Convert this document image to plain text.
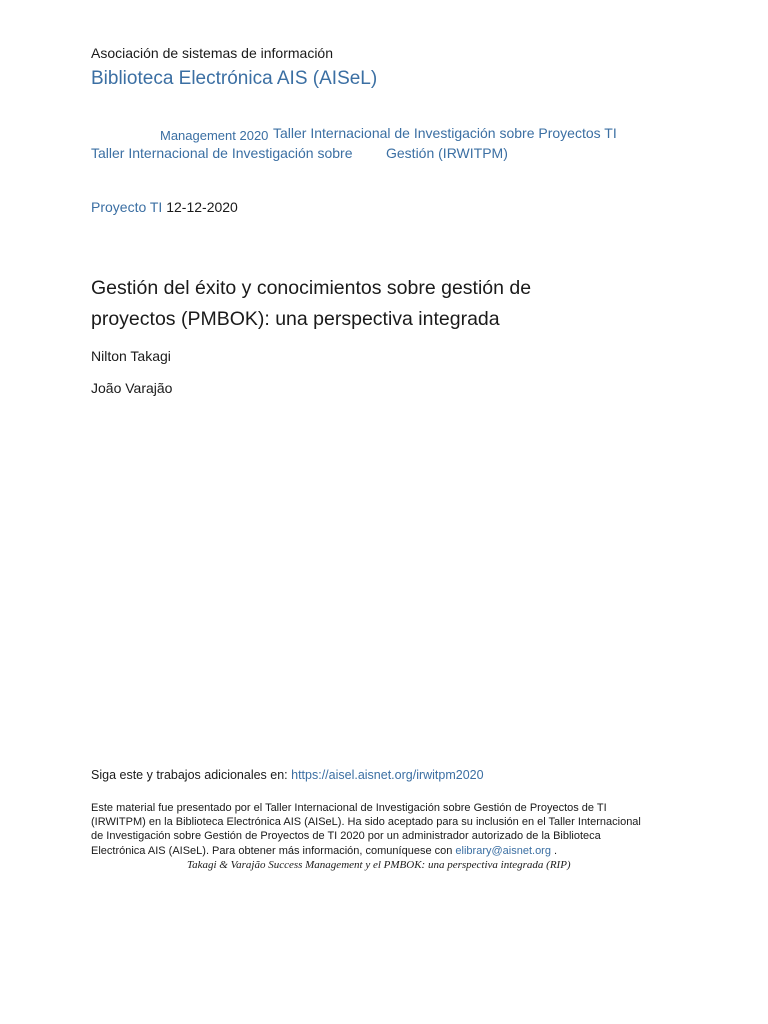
Asociación de sistemas de información
Biblioteca Electrónica AIS (AISeL)
Management 2020 Taller Internacional de Investigación sobre Proyectos TI
Taller Internacional de Investigación sobre Gestión (IRWITPM)
Proyecto TI 12-12-2020
Gestión del éxito y conocimientos sobre gestión de proyectos (PMBOK): una perspectiva integrada
Nilton Takagi
João Varajão
Siga este y trabajos adicionales en: https://aisel.aisnet.org/irwitpm2020
Este material fue presentado por el Taller Internacional de Investigación sobre Gestión de Proyectos de TI (IRWITPM) en la Biblioteca Electrónica AIS (AISeL). Ha sido aceptado para su inclusión en el Taller Internacional de Investigación sobre Gestión de Proyectos de TI 2020 por un administrador autorizado de la Biblioteca Electrónica AIS (AISeL). Para obtener más información, comuníquese con elibrary@aisnet.org .
Takagi & Varajão Success Management y el PMBOK: una perspectiva integrada (RIP)
